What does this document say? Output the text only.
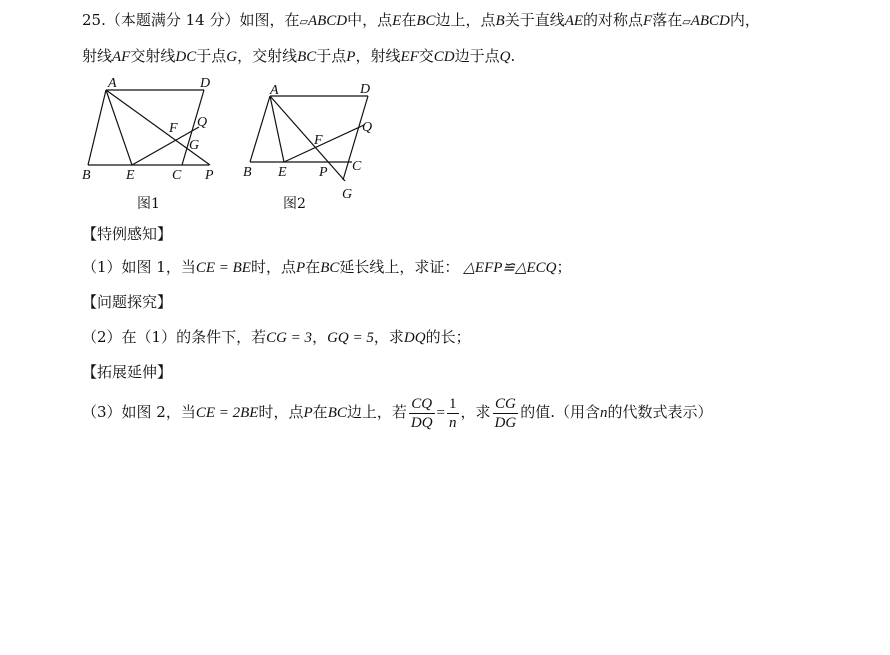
25.（本题满分 14 分）如图，在▱ABCD中，点E在BC边上，点B关于直线AE的对称点F落在▱ABCD内，
射线AF交射线DC于点G，交射线BC于点P，射线EF交CD边于点Q.
A	D
F Q
G
B	E	C P
图1
A	D
F
Q
B E P C
G
图2
【特例感知】
（1）如图 1，当CE = BE时，点P在BC延长线上，求证： △EFP≌△ECQ；
【问题探究】
（2）在（1）的条件下，若CG = 3，GQ = 5，求DQ的长；
【拓展延伸】
（3）如图 2，当CE = 2BE时，点P在BC边上，若 $\frac{CQ}{DQ} = \frac{1}{n}$ ，求 $\frac{CG}{DG}$ 的值.（用含n的代数式表示）
